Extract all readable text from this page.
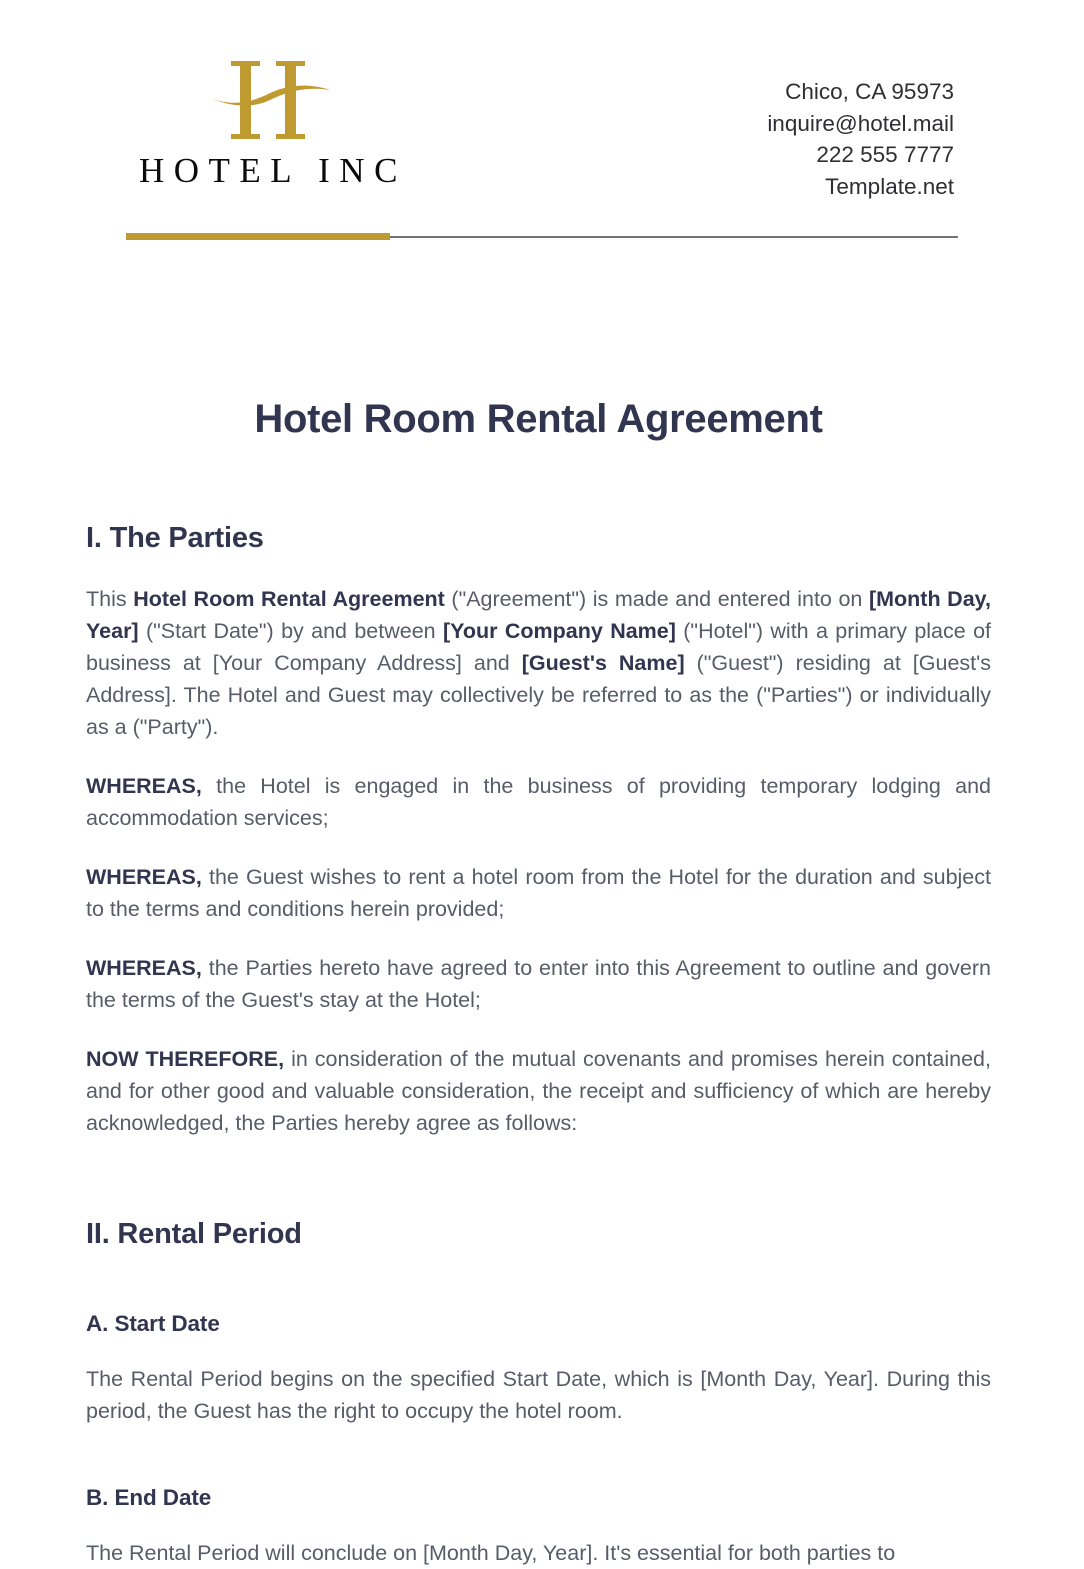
HOTEL INC
Chico, CA 95973
inquire@hotel.mail
222 555 7777
Template.net
Hotel Room Rental Agreement
I. The Parties

This Hotel Room Rental Agreement ("Agreement") is made and entered into on [Month Day, Year] ("Start Date") by and between [Your Company Name] ("Hotel") with a primary place of business at [Your Company Address] and [Guest's Name] ("Guest") residing at [Guest's Address]. The Hotel and Guest may collectively be referred to as the ("Parties") or individually as a ("Party").

WHEREAS, the Hotel is engaged in the business of providing temporary lodging and accommodation services;

WHEREAS, the Guest wishes to rent a hotel room from the Hotel for the duration and subject to the terms and conditions herein provided;

WHEREAS, the Parties hereto have agreed to enter into this Agreement to outline and govern the terms of the Guest's stay at the Hotel;

NOW THEREFORE, in consideration of the mutual covenants and promises herein contained, and for other good and valuable consideration, the receipt and sufficiency of which are hereby acknowledged, the Parties hereby agree as follows:

II. Rental Period
A. Start Date

The Rental Period begins on the specified Start Date, which is [Month Day, Year]. During this period, the Guest has the right to occupy the hotel room.

B. End Date

The Rental Period will conclude on [Month Day, Year]. It's essential for both parties to
